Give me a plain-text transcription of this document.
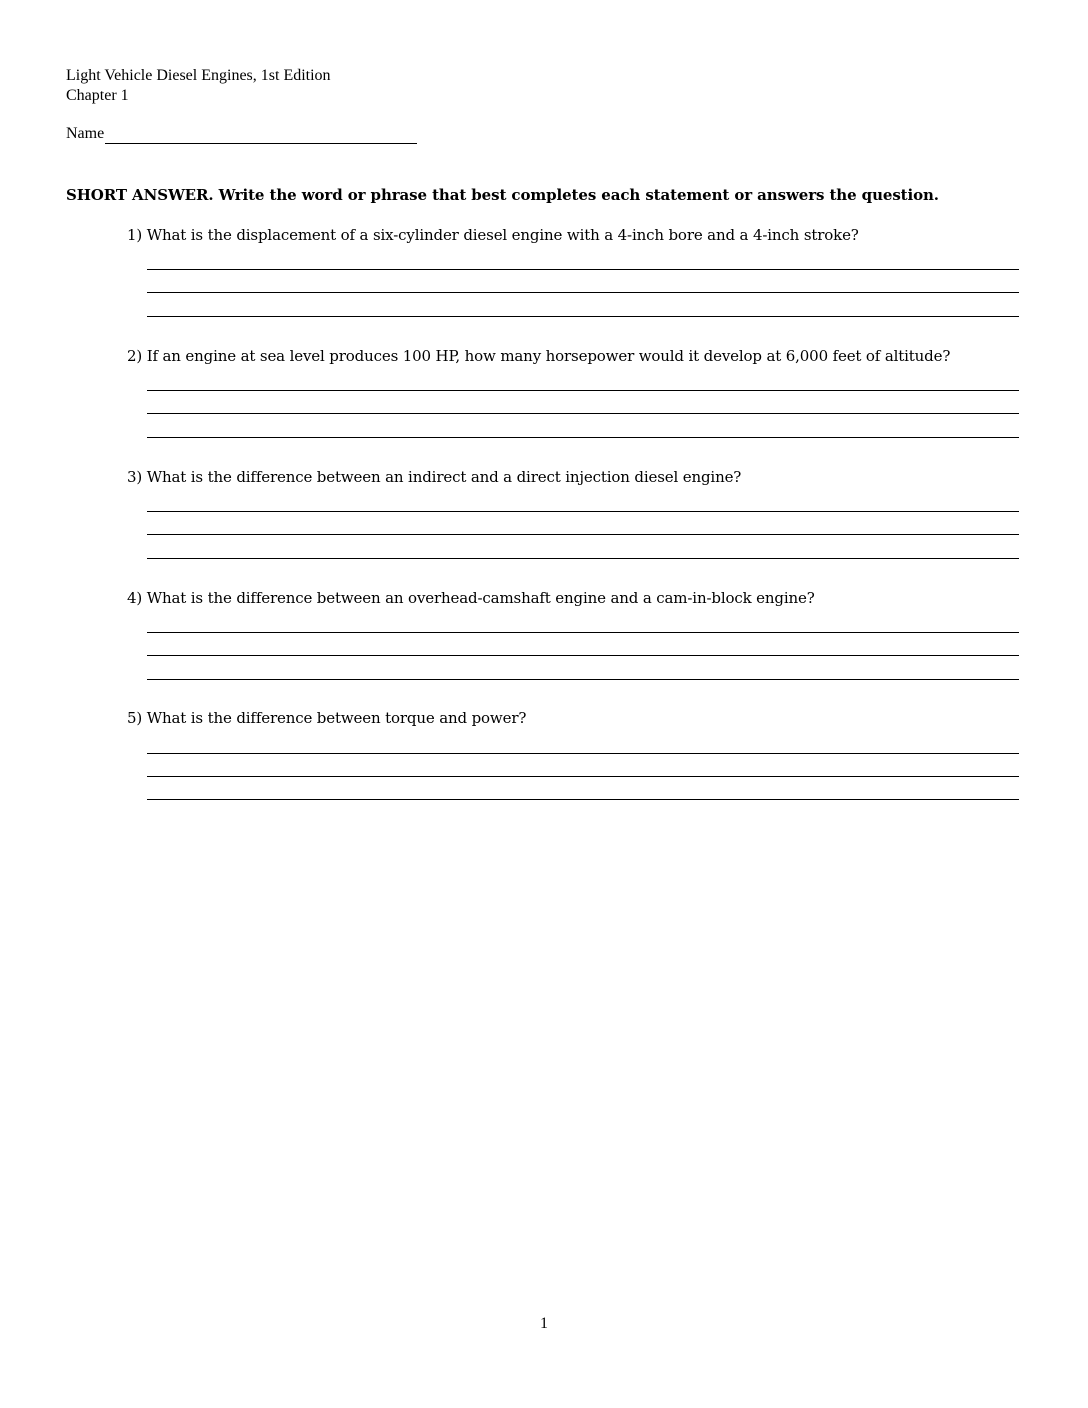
Light Vehicle Diesel Engines, 1st Edition
Chapter 1
Name
SHORT ANSWER. Write the word or phrase that best completes each statement or answers the question.
1) What is the displacement of a six-cylinder diesel engine with a 4-inch bore and a 4-inch stroke?
2) If an engine at sea level produces 100 HP, how many horsepower would it develop at 6,000 feet of altitude?
3) What is the difference between an indirect and a direct injection diesel engine?
4) What is the difference between an overhead-camshaft engine and a cam-in-block engine?
5) What is the difference between torque and power?
1
